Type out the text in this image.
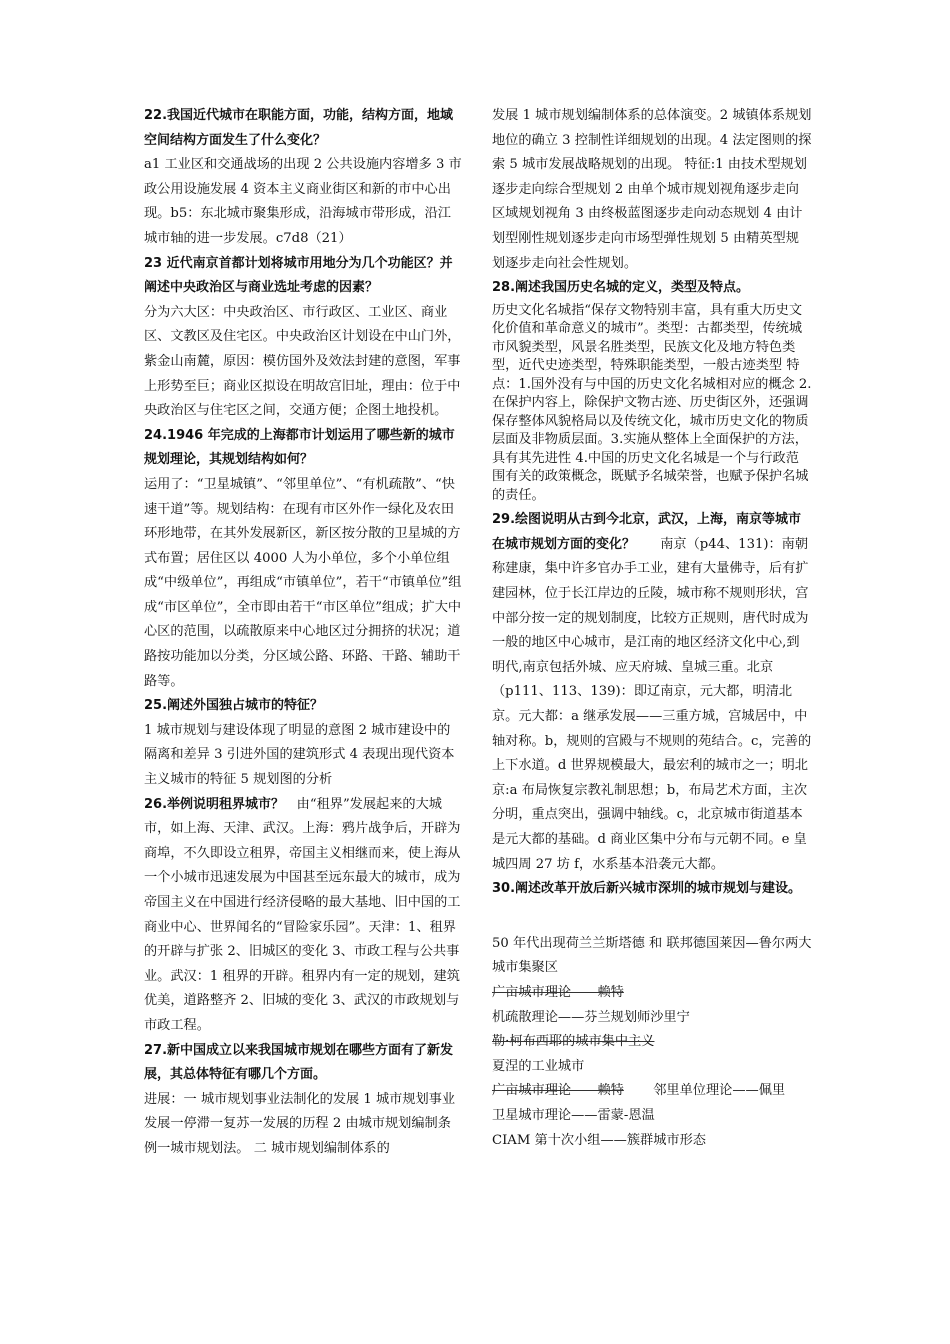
22.我国近代城市在职能方面，功能，结构方面，地域空间结构方面发生了什么变化？
a1 工业区和交通战场的出现 2 公共设施内容增多 3 市政公用设施发展 4 资本主义商业街区和新的市中心出现。b5：东北城市聚集形成，沿海城市带形成，沿江城市轴的进一步发展。c7d8（21）
23 近代南京首都计划将城市用地分为几个功能区？并阐述中央政治区与商业选址考虑的因素？
分为六大区：中央政治区、市行政区、工业区、商业区、文教区及住宅区。中央政治区计划设在中山门外，紫金山南麓，原因：模仿国外及效法封建的意图，军事上形势至巨；商业区拟设在明故宫旧址，理由：位于中央政治区与住宅区之间，交通方便；企图土地投机。
24.1946 年完成的上海都市计划运用了哪些新的城市规划理论，其规划结构如何？
运用了：“卫星城镇”、“邻里单位”、“有机疏散”、“快速干道”等。规划结构：在现有市区外作一绿化及农田环形地带，在其外发展新区，新区按分散的卫星城的方式布置；居住区以 4000 人为小单位，多个小单位组成“中级单位”，再组成“市镇单位”，若干“市镇单位”组成“市区单位”，全市即由若干“市区单位”组成；扩大中心区的范围，以疏散原来中心地区过分拥挤的状况；道路按功能加以分类，分区域公路、环路、干路、辅助干路等。
25.阐述外国独占城市的特征？
1 城市规划与建设体现了明显的意图 2 城市建设中的隔离和差异 3 引进外国的建筑形式 4 表现出现代资本主义城市的特征 5 规划图的分析
26.举例说明租界城市？ 由“租界”发展起来的大城市，如上海、天津、武汉。上海：鸦片战争后，开辟为商埠，不久即设立租界，帝国主义相继而来，使上海从一个小城市迅速发展为中国甚至远东最大的城市，成为帝国主义在中国进行经济侵略的最大基地、旧中国的工商业中心、世界闻名的“冒险家乐园”。天津：1、租界的开辟与扩张 2、旧城区的变化 3、市政工程与公共事业。武汉：1 租界的开辟。租界内有一定的规划，建筑优美，道路整齐 2、旧城的变化 3、武汉的市政规划与市政工程。
27.新中国成立以来我国城市规划在哪些方面有了新发展，其总体特征有哪几个方面。
进展：一 城市规划事业法制化的发展 1 城市规划事业发展一停滞一复苏一发展的历程 2 由城市规划编制条例一城市规划法。 二 城市规划编制体系的
发展 1 城市规划编制体系的总体演变。2 城镇体系规划地位的确立 3 控制性详细规划的出现。4 法定图则的探索 5 城市发展战略规划的出现。 特征:1 由技术型规划逐步走向综合型规划 2 由单个城市规划视角逐步走向区域规划视角 3 由终极蓝图逐步走向动态规划 4 由计划型刚性规划逐步走向市场型弹性规划 5 由精英型规划逐步走向社会性规划。
28.阐述我国历史名城的定义，类型及特点。
历史文化名城指“保存文物特别丰富，具有重大历史文化价值和革命意义的城市”。类型：古都类型，传统城市风貌类型，风景名胜类型，民族文化及地方特色类型，近代史迹类型，特殊职能类型，一般古迹类型 特点：1.国外没有与中国的历史文化名城相对应的概念 2. 在保护内容上，除保护文物古迹、历史街区外，还强调保存整体风貌格局以及传统文化，城市历史文化的物质层面及非物质层面。3.实施从整体上全面保护的方法，具有其先进性 4.中国的历史文化名城是一个与行政范围有关的政策概念，既赋予名城荣誉，也赋予保护名城的责任。
29.绘图说明从古到今北京，武汉，上海，南京等城市在城市规划方面的变化？ 南京（p44、131)：南朝称建康，集中许多官办手工业，建有大量佛寺，后有扩建园林，位于长江岸边的丘陵，城市称不规则形状，宫中部分按一定的规划制度，比较方正规则，唐代时成为一般的地区中心城市，是江南的地区经济文化中心,到明代,南京包括外城、应天府城、皇城三重。北京（p111、113、139)：即辽南京，元大都，明清北京。元大都：a 继承发展——三重方城，宫城居中，中轴对称。b，规则的宫殿与不规则的苑结合。c，完善的上下水道。d 世界规模最大，最宏利的城市之一；明北京:a 布局恢复宗教礼制思想；b，布局艺术方面，主次分明，重点突出，强调中轴线。c，北京城市街道基本是元大都的基础。d 商业区集中分布与元朝不同。e 皇城四周 27 坊 f，水系基本沿袭元大都。
30.阐述改革开放后新兴城市深圳的城市规划与建设。
50 年代出现荷兰兰斯塔德 和 联邦德国莱因—鲁尔两大城市集聚区
广亩城市理论——赖特
机疏散理论——芬兰规划师沙里宁
勒·柯布西耶的城市集中主义
夏涅的工业城市
广亩城市理论——赖特 邻里单位理论——佩里
卫星城市理论——雷蒙-恩温
CIAM 第十次小组——簇群城市形态
